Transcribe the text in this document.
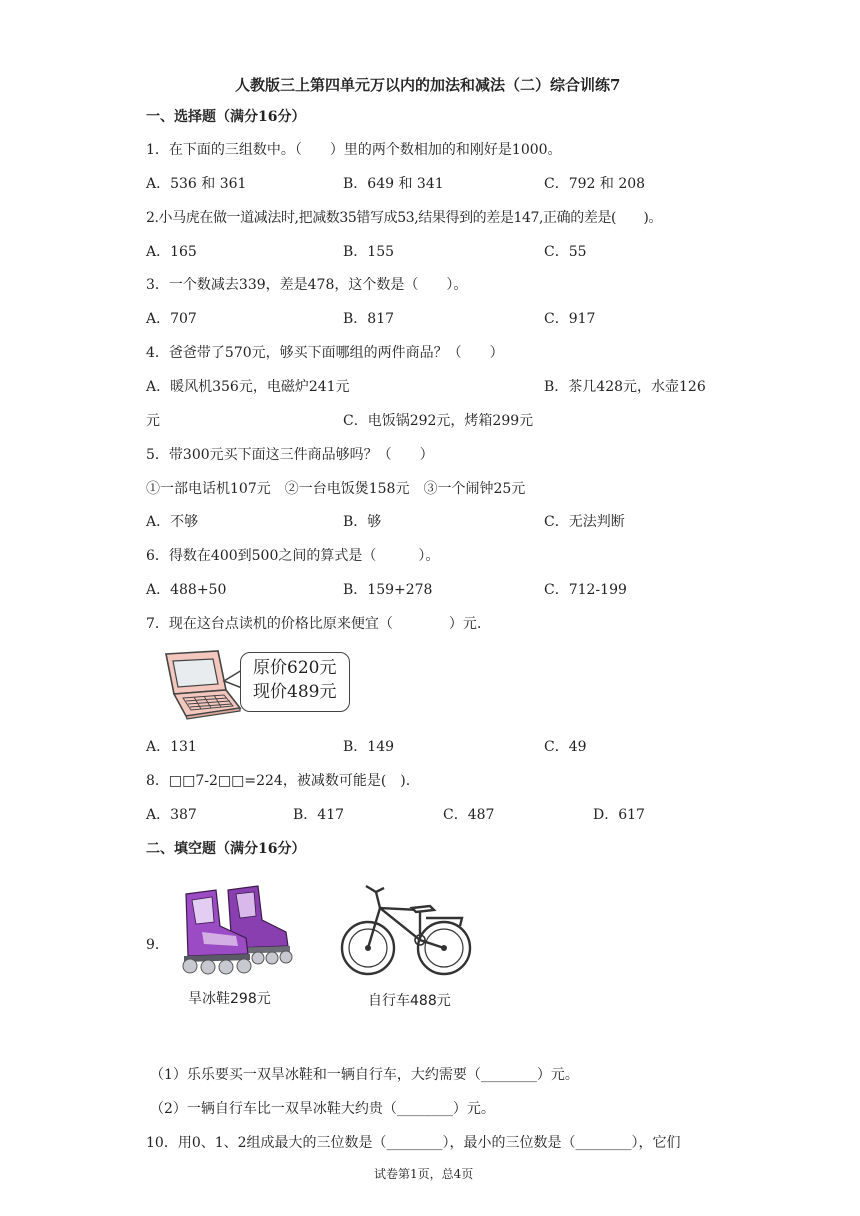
人教版三上第四单元万以内的加法和减法（二）综合训练7
一、选择题（满分16分）
1．在下面的三组数中。（　　）里的两个数相加的和刚好是1000。
A．536 和 361	B．649 和 341	C．792 和 208
2.小马虎在做一道减法时,把减数35错写成53,结果得到的差是147,正确的差是(　　)。
A．165	B．155	C．55
3．一个数减去339，差是478，这个数是（　　）。
A．707	B．817	C．917
4．爸爸带了570元，够买下面哪组的两件商品？（　　）
A．暖风机356元，电磁炉241元	B．茶几428元，水壶126
元	C．电饭锅292元，烤箱299元
5．带300元买下面这三件商品够吗？（　　）
①一部电话机107元　②一台电饭煲158元　③一个闹钟25元
A．不够	B．够	C．无法判断
6．得数在400到500之间的算式是（　　　）。
A．488+50	B．159+278	C．712-199
7．现在这台点读机的价格比原来便宜（　　　　）元.
原价620元
现价489元
A．131	B．149	C．49
8．□□7-2□□=224，被减数可能是(　).
A．387	B．417	C．487	D．617
二、填空题（满分16分）
9．
旱冰鞋298元	自行车488元
（1）乐乐要买一双旱冰鞋和一辆自行车，大约需要（________）元。
（2）一辆自行车比一双旱冰鞋大约贵（________）元。
10．用0、1、2组成最大的三位数是（________），最小的三位数是（________），它们
试卷第1页，总4页
